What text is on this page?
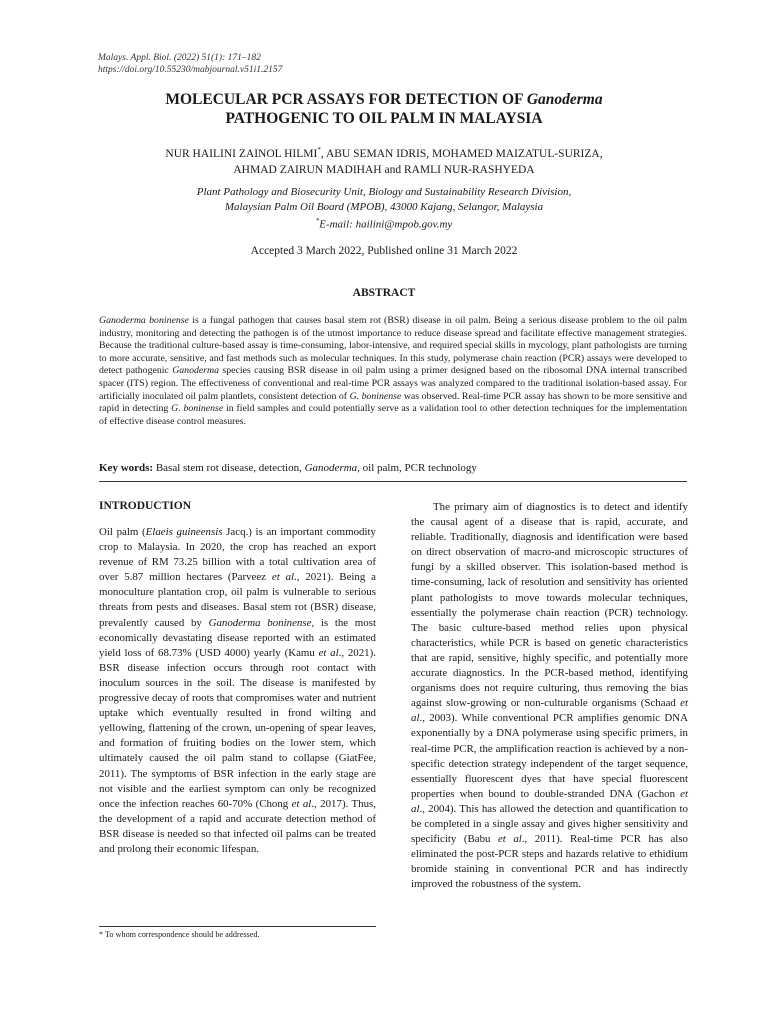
Malays. Appl. Biol. (2022) 51(1): 171–182
https://doi.org/10.55230/mabjournal.v51i1.2157
MOLECULAR PCR ASSAYS FOR DETECTION OF Ganoderma
PATHOGENIC TO OIL PALM IN MALAYSIA
NUR HAILINI ZAINOL HILMI*, ABU SEMAN IDRIS, MOHAMED MAIZATUL-SURIZA,
AHMAD ZAIRUN MADIHAH and RAMLI NUR-RASHYEDA
Plant Pathology and Biosecurity Unit, Biology and Sustainability Research Division,
Malaysian Palm Oil Board (MPOB), 43000 Kajang, Selangor, Malaysia
*E-mail: hailini@mpob.gov.my
Accepted 3 March 2022, Published online 31 March 2022
ABSTRACT
Ganoderma boninense is a fungal pathogen that causes basal stem rot (BSR) disease in oil palm. Being a serious disease problem to the oil palm industry, monitoring and detecting the pathogen is of the utmost importance to reduce disease spread and facilitate effective management strategies. Because the traditional culture-based assay is time-consuming, labor-intensive, and required special skills in mycology, plant pathologists are turning to more accurate, sensitive, and fast methods such as molecular techniques. In this study, polymerase chain reaction (PCR) assays were developed to detect pathogenic Ganoderma species causing BSR disease in oil palm using a primer designed based on the ribosomal DNA internal transcribed spacer (ITS) region. The effectiveness of conventional and real-time PCR assays was analyzed compared to the traditional isolation-based assay. For artificially inoculated oil palm plantlets, consistent detection of G. boninense was observed. Real-time PCR assay has shown to be more sensitive and rapid in detecting G. boninense in field samples and could potentially serve as a validation tool to other detection techniques for the implementation of effective disease control measures.
Key words: Basal stem rot disease, detection, Ganoderma, oil palm, PCR technology
INTRODUCTION

Oil palm (Elaeis guineensis Jacq.) is an important commodity crop to Malaysia. In 2020, the crop has reached an export revenue of RM 73.25 billion with a total cultivation area of over 5.87 million hectares (Parveez et al., 2021). Being a monoculture plantation crop, oil palm is vulnerable to serious threats from pests and diseases. Basal stem rot (BSR) disease, prevalently caused by Ganoderma boninense, is the most economically devastating disease reported with an estimated yield loss of 68.73% (USD 4000) yearly (Kamu et al., 2021). BSR disease infection occurs through root contact with inoculum sources in the soil. The disease is manifested by progressive decay of roots that compromises water and nutrient uptake which eventually resulted in frond wilting and yellowing, flattening of the crown, un-opening of spear leaves, and formation of fruiting bodies on the lower stem, which ultimately caused the oil palm stand to collapse (GiatFee, 2011). The symptoms of BSR infection in the early stage are not visible and the earliest symptom can only be recognized once the infection reaches 60-70% (Chong et al., 2017). Thus, the development of a rapid and accurate detection method of BSR disease is needed so that infected oil palms can be treated and prolong their economic lifespan.

The primary aim of diagnostics is to detect and identify the causal agent of a disease that is rapid, accurate, and reliable. Traditionally, diagnosis and identification were based on direct observation of macro-and microscopic structures of fungi by a skilled observer. This isolation-based method is time-consuming, lack of resolution and sensitivity has oriented plant pathologists to move towards molecular techniques, essentially the polymerase chain reaction (PCR) technology. The basic culture-based method relies upon physical characteristics, while PCR is based on genetic characteristics that are rapid, sensitive, highly specific, and potentially more accurate diagnostics. In the PCR-based method, identifying organisms does not require culturing, thus removing the bias against slow-growing or non-culturable organisms (Schaad et al., 2003). While conventional PCR amplifies genomic DNA exponentially by a DNA polymerase using specific primers, in real-time PCR, the amplification reaction is achieved by a non-specific detection strategy independent of the target sequence, essentially fluorescent dyes that have special fluorescent properties when bound to double-stranded DNA (Gachon et al., 2004). This has allowed the detection and quantification to be completed in a single assay and gives higher sensitivity and specificity (Babu et al., 2011). Real-time PCR has also eliminated the post-PCR steps and hazards relative to ethidium bromide staining in conventional PCR and has indirectly improved the robustness of the system.

* To whom correspondence should be addressed.
